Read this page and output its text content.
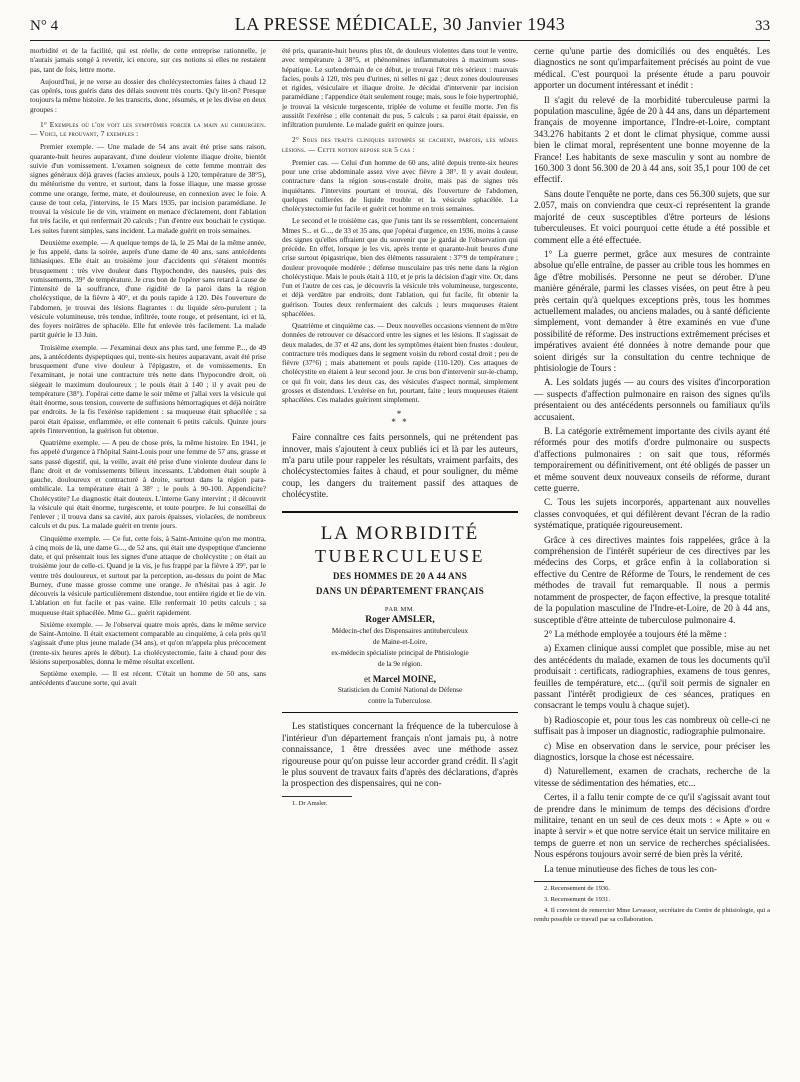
N° 4	LA PRESSE MÉDICALE, 30 Janvier 1943	33

morbidité et de la facilité, qui est réelle, de cette entreprise rationnelle, je n'aurais jamais songé à revenir, ici encore, sur ces notions si elles ne restaient pas, tant de fois, lettre morte.

Aujourd'hui, je ne verse au dossier des cholécystectomies faites à chaud 12 cas opérés, tous guéris dans des délais souvent très courts. Qu'y lit-on? Presque toujours la même histoire. Je les transcris, donc, résumés, et je les divise en deux groupes :

1° Exemples où l'on voit les symptômes forcer la main au chirurgien. — Voici, le prouvant, 7 exemples :

Premier exemple. — Une malade de 54 ans avait été prise sans raison, quarante-huit heures auparavant, d'une douleur violente iliaque droite, bientôt suivie d'un vomissement. L'examen soigneux de cette femme montrait des signes généraux déjà graves (facies anxieux, pouls à 120, température de 38°5), du météorisme du ventre, et surtout, dans la fosse iliaque, une masse grosse comme une orange, ferme, mate, et douloureuse, en connexion avec le foie. A cause de tout cela, j'intervins, le 15 Mars 1935, par incision paramédiane. Je trouvai la vésicule lie de vin, vraiment en menace d'éclatement, dont l'ablation fut très facile, et qui renfermait 20 calculs ; l'un d'entre eux bouchait le cystique. Les suites furent simples, sans incident. La malade guérit en trois semaines.

Deuxième exemple. — A quelque temps de là, le 25 Mai de la même année, je fus appelé, dans la soirée, auprès d'une dame de 40 ans, sans antécédents lithiasiques. Elle était au troisième jour d'accidents qui s'étaient montrés brusquement : très vive douleur dans l'hypochondre, des nausées, puis des vomissements, 39° de température. Je crus bon de l'opérer sans retard à cause de l'intensité de la souffrance, d'une rigidité de la paroi dans la région cholécystique, de la fièvre à 40°, et du pouls rapide à 120. Dès l'ouverture de l'abdomen, je trouvai des lésions flagrantes : du liquide séro-purulent ; la vésicule volumineuse, très tendue, infiltrée, toute rouge, et présentant, ici et là, des foyers noirâtres de sphacèle. Elle fut enlevée très facilement. La malade partit guérie le 13 Juin.

Troisième exemple. — J'examinai deux ans plus tard, une femme P..., de 49 ans, à antécédents dyspeptiques qui, trente-six heures auparavant, avait été prise brusquement d'une vive douleur à l'épigastre, et de vomissements. En l'examinant, je notai une contracture très nette dans l'hypocondre droit, où siégeait le maximum douloureux ; le pouls était à 140 ; il y avait peu de température (38°). J'opérai cette dame le soir même et j'allai vers la vésicule qui était énorme, sous tension, couverte de suffusions hémorragiques et déjà noirâtre par endroits. Je la fis l'exérèse rapidement : sa muqueuse était sphacélée ; sa paroi était épaisse, enflammée, et elle contenait 6 petits calculs. Quinze jours après l'intervention, la guérison fut obtenue.

Quatrième exemple. — A peu de chose près, la même histoire. En 1941, je fus appelé d'urgence à l'hôpital Saint-Louis pour une femme de 57 ans, grasse et sans passé digestif, qui, la veille, avait été prise d'une violente douleur dans le flanc droit et de vomissements bilieux incessants. L'abdomen était souple à gauche, douloureux et contracturé à droite, surtout dans la région para-ombilicale. La température était à 38° ; le pouls à 90-100. Appendicite? Cholécystite? Le diagnostic était douteux. L'interne Gany intervint ; il découvrit la vésicule qui était énorme, turgescente, et toute pourpre. Je lui conseillai de l'enlever ; il trouva dans sa cavité, aux parois épaisses, violacées, de nombreux calculs et du pus. La malade guérit en trente jours.

Cinquième exemple. — Ce fut, cette fois, à Saint-Antoine qu'on me montra, à cinq mois de là, une dame G..., de 52 ans, qui était une dyspeptique d'ancienne date, et qui présentait tous les signes d'une attaque de cholécystite ; on était au troisième jour de celle-ci. Quand je la vis, je fus frappé par la fièvre à 39°, par le ventre très douloureux, et surtout par la perception, au-dessus du point de Mac Burney, d'une masse grosse comme une orange. Je n'hésitai pas à agir. Je découvris la vésicule particulièrement distendue, tout entière rigide et lie de vin. L'ablation en fut facile et pas vaine. Elle renfermait 10 petits calculs ; sa muqueuse était sphacélée. Mme G... guérit rapidement.

Sixième exemple. — Je l'observai quatre mois après, dans le même service de Saint-Antoine. Il était exactement comparable au cinquième, à cela près qu'il s'agissait d'une plus jeune malade (34 ans), et qu'on m'appela plus précocement (trente-six heures après le début). La cholécystectomie, faite à chaud pour des lésions superposables, donna le même résultat excellent.

Septième exemple. — Il est récent. C'était un homme de 50 ans, sans antécédents d'aucune sorte, qui avait

été pris, quarante-huit heures plus tôt, de douleurs violentes dans tout le ventre, avec température à 38°5, et phénomènes inflammatoires à maximum sous-hépatique. Le surlendemain de ce début, je trouvai l'état très sérieux : mauvais facies, pouls à 120, très peu d'urines, ni selles ni gaz ; deux zones douloureuses et rigides, vésiculaire et iliaque droite. Je décidai d'intervenir par incision paramédiane ; l'appendice était seulement rouge; mais, sous le foie hypertrophié, je trouvai la vésicule turgescente, triplée de volume et feuille morte. J'en fis aussitôt l'exérèse ; elle contenait du pus, 5 calculs ; sa paroi était épaissie, en infiltration purulente. Le malade guérit en quinze jours.

2° Sous des traits cliniques estompés se cachent, parfois, les mêmes lésions. — Cette notion repose sur 5 cas :

Premier cas. — Celui d'un homme de 60 ans, alité depuis trente-six heures pour une crise abdominale assez vive avec fièvre à 38°. Il y avait douleur, contracture dans la région sous-costale droite, mais pas de signes très inquiétants. J'intervins pourtant et trouvai, dès l'ouverture de l'abdomen, quelques cuillerées de liquide trouble et la vésicule sphacélée. La cholécystectomie fut facile et guérit cet homme en trois semaines.

Le second et le troisième cas, que j'unis tant ils se ressemblent, concernaient Mmes S... et G..., de 33 et 35 ans, que j'opérai d'urgence, en 1936, moins à cause des signes qu'elles offraient que du souvenir que je gardai de l'observation qui précède. En effet, lorsque je les vis, après trente et quarante-huit heures d'une crise surtout épigastrique, bien des éléments rassuraient : 37°9 de température ; douleur provoquée modérée ; défense musculaire pas très nette dans la région cholécystique. Mais le pouls était à 110, et je pris la décision d'agir vite. Or, dans l'un et l'autre de ces cas, je découvris la vésicule très volumineuse, turgescente, et déjà verdâtre par endroits, dont l'ablation, qui fut facile, fit obtenir la guérison. Toutes deux renfermaient des calculs ; leurs muqueuses étaient sphacélées.

Quatrième et cinquième cas. — Deux nouvelles occasions viennent de m'être données de retrouver ce désaccord entre les signes et les lésions. Il s'agissait de deux malades, de 37 et 42 ans, dont les symptômes étaient bien frustes : douleur, contracture très modiques dans le segment voisin du rebord costal droit ; peu de fièvre (37°6) ; mais abattement et pouls rapide (110-120). Ces attaques de cholécystite en étaient à leur second jour. Je crus bon d'intervenir sur-le-champ, ce qui fit voir, dans les deux cas, des vésicules d'aspect normal, simplement grosses et distendues. L'exérèse en fut, pourtant, faite ; leurs muqueuses étaient sphacélées. Ces malades guérirent simplement.

*
* *

Faire connaître ces faits personnels, qui ne prétendent pas innover, mais s'ajoutent à ceux publiés ici et là par les auteurs, m'a paru utile pour rappeler les résultats, vraiment parfaits, des cholécystectomies faites à chaud, et pour souligner, du même coup, les dangers du traitement passif des attaques de cholécystite.

LA MORBIDITÉ
TUBERCULEUSE
DES HOMMES DE 20 A 44 ANS
DANS UN DÉPARTEMENT FRANÇAIS
PAR MM.
Roger AMSLER,
Médecin-chef des Dispensaires antituberculeux
de Maine-et-Loire,
ex-médecin spécialiste principal de Phtisiologie
de la 9e région.
et Marcel MOINE,
Statisticien du Comité National de Défense
contre la Tuberculose.

Les statistiques concernant la fréquence de la tuberculose à l'intérieur d'un département français n'ont jamais pu, à notre connaissance, 1 être dressées avec une méthode assez rigoureuse pour qu'on puisse leur accorder grand crédit. Il s'agit le plus souvent de travaux faits d'après des déclarations, d'après la prospection des dispensaires, qui ne con-

1. Dr Amsler.

cerne qu'une partie des domiciliés ou des enquêtés. Les diagnostics ne sont qu'imparfaitement précisés au point de vue médical. C'est pourquoi la présente étude a paru pouvoir apporter un document intéressant et inédit :

Il s'agit du relevé de la morbidité tuberculeuse parmi la population masculine, âgée de 20 à 44 ans, dans un département français de moyenne importance, l'Indre-et-Loire, comptant 343.276 habitants 2 et dont le climat physique, comme aussi bien le climat moral, représentent une bonne moyenne de la France! Les habitants de sexe masculin y sont au nombre de 160.300 3 dont 56.300 de 20 à 44 ans, soit 35,1 pour 100 de cet effectif.

Sans doute l'enquête ne porte, dans ces 56.300 sujets, que sur 2.057, mais on conviendra que ceux-ci représentent la grande majorité de ceux susceptibles d'être porteurs de lésions tuberculeuses. Et voici pourquoi cette étude a été possible et comment elle a été effectuée.

1° La guerre permet, grâce aux mesures de contrainte absolue qu'elle entraîne, de passer au crible tous les hommes en âge d'être mobilisés. Personne ne peut se dérober. D'une manière générale, parmi les classes visées, on peut être à peu près certain qu'à quelques exceptions près, tous les hommes actuellement malades, ou anciens malades, ou à santé déficiente simplement, vont demander à être examinés en vue d'une possibilité de réforme. Des instructions extrêmement précises et impératives avaient été données à notre demande pour que soient dirigés sur la consultation du centre technique de phtisiologie de Tours :

A. Les soldats jugés — au cours des visites d'incorporation — suspects d'affection pulmonaire en raison des signes qu'ils présentaient ou des antécédents personnels ou familiaux qu'ils accusaient.

B. La catégorie extrêmement importante des civils ayant été réformés pour des motifs d'ordre pulmonaire ou suspects d'affections pulmonaires : on sait que tous, réformés temporairement ou définitivement, ont été obligés de passer un et même souvent deux nouveaux conseils de réforme, durant cette guerre.

C. Tous les sujets incorporés, appartenant aux nouvelles classes convoquées, et qui défilèrent devant l'écran de la radio systématique, pratiquée rigoureusement.

Grâce à ces directives maintes fois rappelées, grâce à la compréhension de l'intérêt supérieur de ces directives par les médecins des Corps, et grâce enfin à la collaboration si effective du Centre de Réforme de Tours, le rendement de ces méthodes de travail fut remarquable. Il nous a permis notamment de prospecter, de façon effective, la presque totalité de la population masculine de l'Indre-et-Loire, de 20 à 44 ans, susceptible d'être atteinte de tuberculose pulmonaire 4.

2° La méthode employée a toujours été la même :

a) Examen clinique aussi complet que possible, mise au net des antécédents du malade, examen de tous les documents qu'il produisait : certificats, radiographies, examens de tous genres, feuilles de température, etc... (qu'il soit permis de signaler en passant l'intérêt prodigieux de ces séances, pratiques en consacrant le temps voulu à chaque sujet).

b) Radioscopie et, pour tous les cas nombreux où celle-ci ne suffisait pas à imposer un diagnostic, radiographie pulmonaire.

c) Mise en observation dans le service, pour préciser les diagnostics, lorsque la chose est nécessaire.

d) Naturellement, examen de crachats, recherche de la vitesse de sédimentation des hématies, etc...

Certes, il a fallu tenir compte de ce qu'il s'agissait avant tout de prendre dans le minimum de temps des décisions d'ordre militaire, tenant en un seul de ces deux mots : « Apte » ou « inapte à servir » et que notre service était un service militaire en temps de guerre et non un service de recherches spécialisées. Nous espérons toujours avoir serré de bien près la vérité.

La tenue minutieuse des fiches de tous les con-

2. Recensement de 1936.

3. Recensement de 1931.

4. Il convient de remercier Mme Levassor, secrétaire du Centre de phtisiologie, qui a rendu possible ce travail par sa collaboration.
